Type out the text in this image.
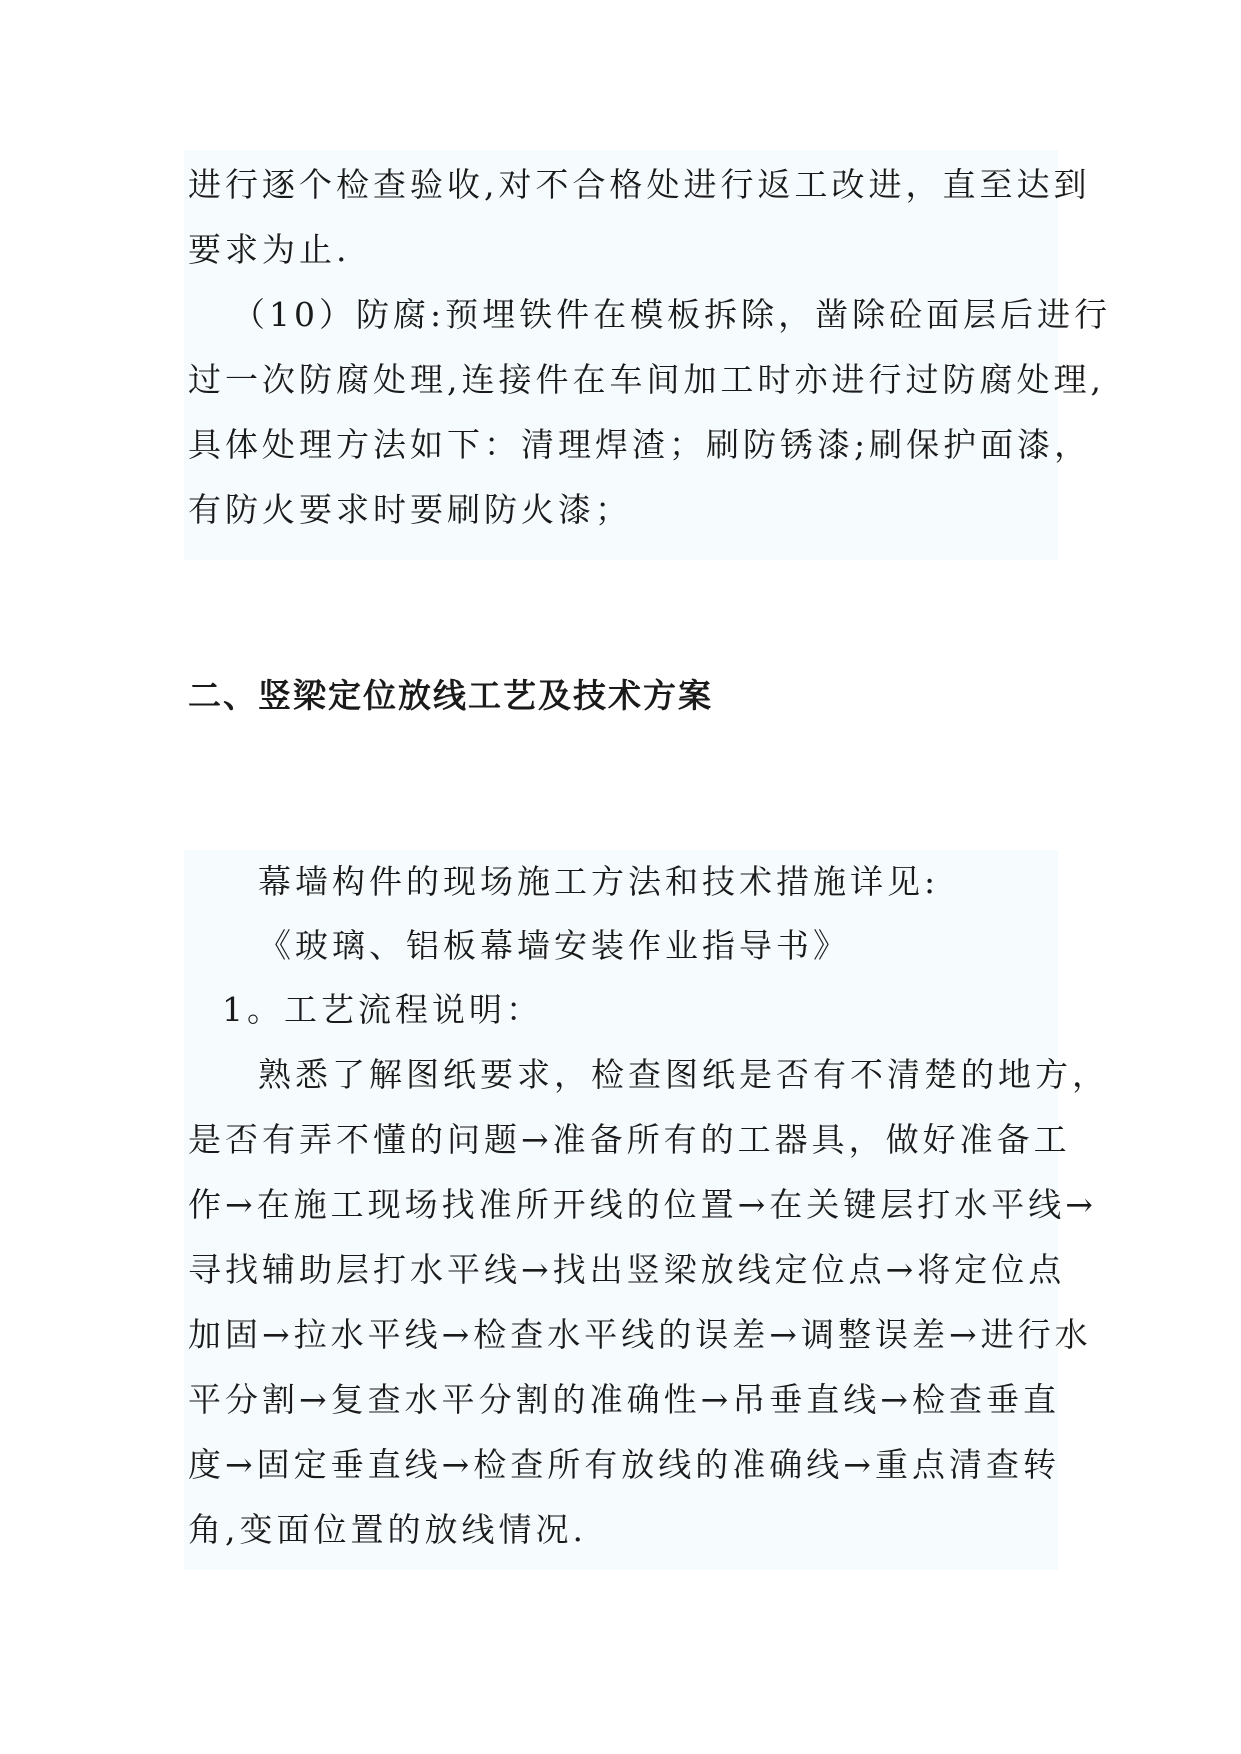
进行逐个检查验收,对不合格处进行返工改进，直至达到
要求为止.
（10）防腐:预埋铁件在模板拆除，凿除砼面层后进行
过一次防腐处理,连接件在车间加工时亦进行过防腐处理,
具体处理方法如下：清理焊渣；刷防锈漆;刷保护面漆，
有防火要求时要刷防火漆；
二、竖梁定位放线工艺及技术方案
幕墙构件的现场施工方法和技术措施详见:
《玻璃、铝板幕墙安装作业指导书》
1。工艺流程说明：
熟悉了解图纸要求，检查图纸是否有不清楚的地方，
是否有弄不懂的问题→准备所有的工器具，做好准备工
作→在施工现场找准所开线的位置→在关键层打水平线→
寻找辅助层打水平线→找出竖梁放线定位点→将定位点
加固→拉水平线→检查水平线的误差→调整误差→进行水
平分割→复查水平分割的准确性→吊垂直线→检查垂直
度→固定垂直线→检查所有放线的准确线→重点清查转
角,变面位置的放线情况.
